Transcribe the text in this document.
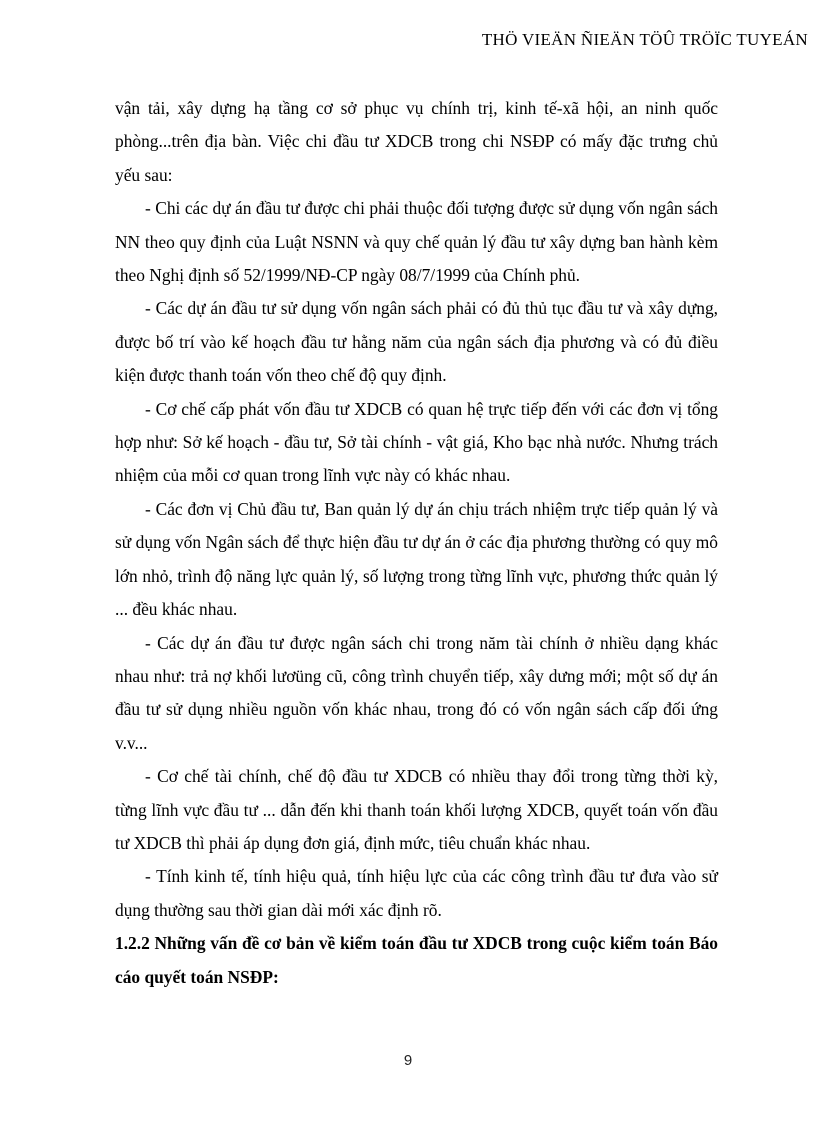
THÖ VIEÄN ÑIEÄN TÖÛ TRÖÏC TUYEÁN

vận tải, xây dựng hạ tầng cơ sở phục vụ chính trị, kinh tế-xã hội, an ninh quốc phòng...trên địa bàn. Việc chi đầu tư XDCB trong chi NSĐP có mấy đặc trưng chủ yếu sau:

- Chi các dự án đầu tư được chi phải thuộc đối tượng được sử dụng vốn ngân sách NN theo quy định của Luật NSNN và quy chế quản lý đầu tư xây dựng ban hành kèm theo Nghị định số 52/1999/NĐ-CP ngày 08/7/1999 của Chính phủ.

- Các dự án đầu tư sử dụng vốn ngân sách phải có đủ thủ tục đầu tư và xây dựng, được bố trí vào kế hoạch đầu tư hằng năm của ngân sách địa phương và có đủ điều kiện được thanh toán vốn theo chế độ quy định.

- Cơ chế cấp phát vốn đầu tư XDCB có quan hệ trực tiếp đến với các đơn vị tổng hợp như: Sở kế hoạch - đầu tư, Sở tài chính - vật giá, Kho bạc nhà nước. Nhưng trách nhiệm của mỗi cơ quan trong lĩnh vực này có khác nhau.

- Các đơn vị Chủ đầu tư, Ban quản lý dự án chịu trách nhiệm trực tiếp quản lý và sử dụng vốn Ngân sách để thực hiện đầu tư dự án ở các địa phương thường có quy mô lớn nhỏ, trình độ năng lực quản lý, số lượng trong từng lĩnh vực, phương thức quản lý ... đều khác nhau.

- Các dự án đầu tư được ngân sách chi trong năm tài chính ở nhiều dạng khác nhau như: trả nợ khối lươüng cũ, công trình chuyển tiếp, xây dưng mới; một số dự án đầu tư sử dụng nhiều nguồn vốn khác nhau, trong đó có vốn ngân sách cấp đối ứng v.v...

- Cơ chế tài chính, chế độ đầu tư XDCB có nhiều thay đổi trong từng thời kỳ, từng lĩnh vực đầu tư ... dẫn đến khi thanh toán khối lượng XDCB, quyết toán vốn đầu tư XDCB thì phải áp dụng đơn giá, định mức, tiêu chuẩn khác nhau.

- Tính kinh tế, tính hiệu quả, tính hiệu lực của các công trình đầu tư đưa vào sử dụng thường sau thời gian dài mới xác định rõ.

1.2.2 Những vấn đề cơ bản về kiểm toán đầu tư XDCB trong cuộc kiểm toán Báo cáo quyết toán NSĐP:

9
